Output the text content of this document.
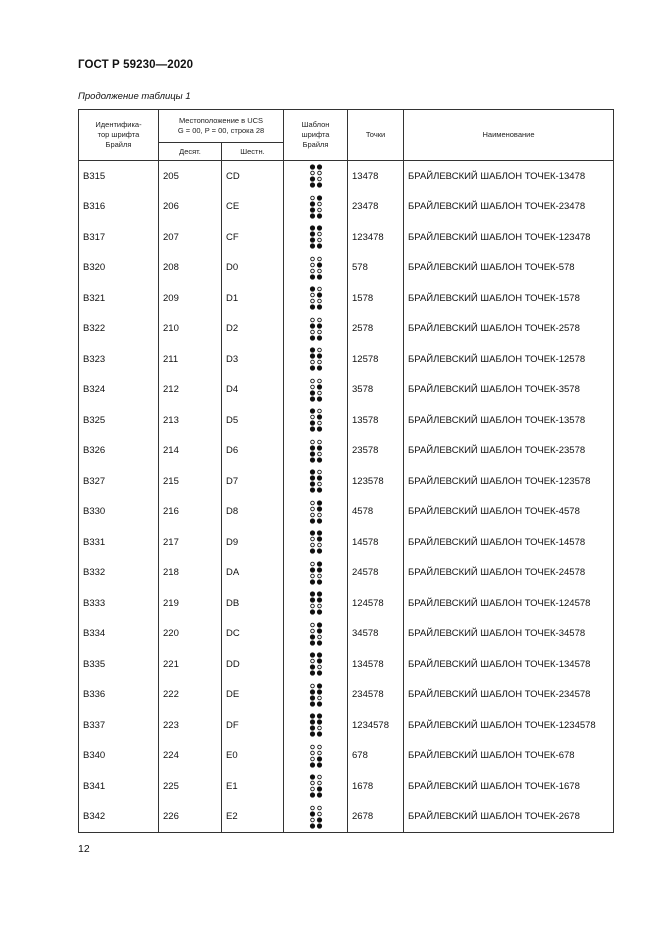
ГОСТ Р 59230—2020
Продолжение таблицы 1
Идентифика-
тор шрифта
Брайля	Местоположение в UCS
G = 00, P = 00, строка 28		Шаблон
шрифта
Брайля	Точки	Наименование
	Десят.	Шестн.			
B315	205	CD		13478	БРАЙЛЕВСКИЙ ШАБЛОН ТОЧЕК-13478
B316	206	CE		23478	БРАЙЛЕВСКИЙ ШАБЛОН ТОЧЕК-23478
B317	207	CF		123478	БРАЙЛЕВСКИЙ ШАБЛОН ТОЧЕК-123478
B320	208	D0		578	БРАЙЛЕВСКИЙ ШАБЛОН ТОЧЕК-578
B321	209	D1		1578	БРАЙЛЕВСКИЙ ШАБЛОН ТОЧЕК-1578
B322	210	D2		2578	БРАЙЛЕВСКИЙ ШАБЛОН ТОЧЕК-2578
B323	211	D3		12578	БРАЙЛЕВСКИЙ ШАБЛОН ТОЧЕК-12578
B324	212	D4		3578	БРАЙЛЕВСКИЙ ШАБЛОН ТОЧЕК-3578
B325	213	D5		13578	БРАЙЛЕВСКИЙ ШАБЛОН ТОЧЕК-13578
B326	214	D6		23578	БРАЙЛЕВСКИЙ ШАБЛОН ТОЧЕК-23578
B327	215	D7		123578	БРАЙЛЕВСКИЙ ШАБЛОН ТОЧЕК-123578
B330	216	D8		4578	БРАЙЛЕВСКИЙ ШАБЛОН ТОЧЕК-4578
B331	217	D9		14578	БРАЙЛЕВСКИЙ ШАБЛОН ТОЧЕК-14578
B332	218	DA		24578	БРАЙЛЕВСКИЙ ШАБЛОН ТОЧЕК-24578
B333	219	DB		124578	БРАЙЛЕВСКИЙ ШАБЛОН ТОЧЕК-124578
B334	220	DC		34578	БРАЙЛЕВСКИЙ ШАБЛОН ТОЧЕК-34578
B335	221	DD		134578	БРАЙЛЕВСКИЙ ШАБЛОН ТОЧЕК-134578
B336	222	DE		234578	БРАЙЛЕВСКИЙ ШАБЛОН ТОЧЕК-234578
B337	223	DF		1234578	БРАЙЛЕВСКИЙ ШАБЛОН ТОЧЕК-1234578
B340	224	E0		678	БРАЙЛЕВСКИЙ ШАБЛОН ТОЧЕК-678
B341	225	E1		1678	БРАЙЛЕВСКИЙ ШАБЛОН ТОЧЕК-1678
B342	226	E2		2678	БРАЙЛЕВСКИЙ ШАБЛОН ТОЧЕК-2678
12
